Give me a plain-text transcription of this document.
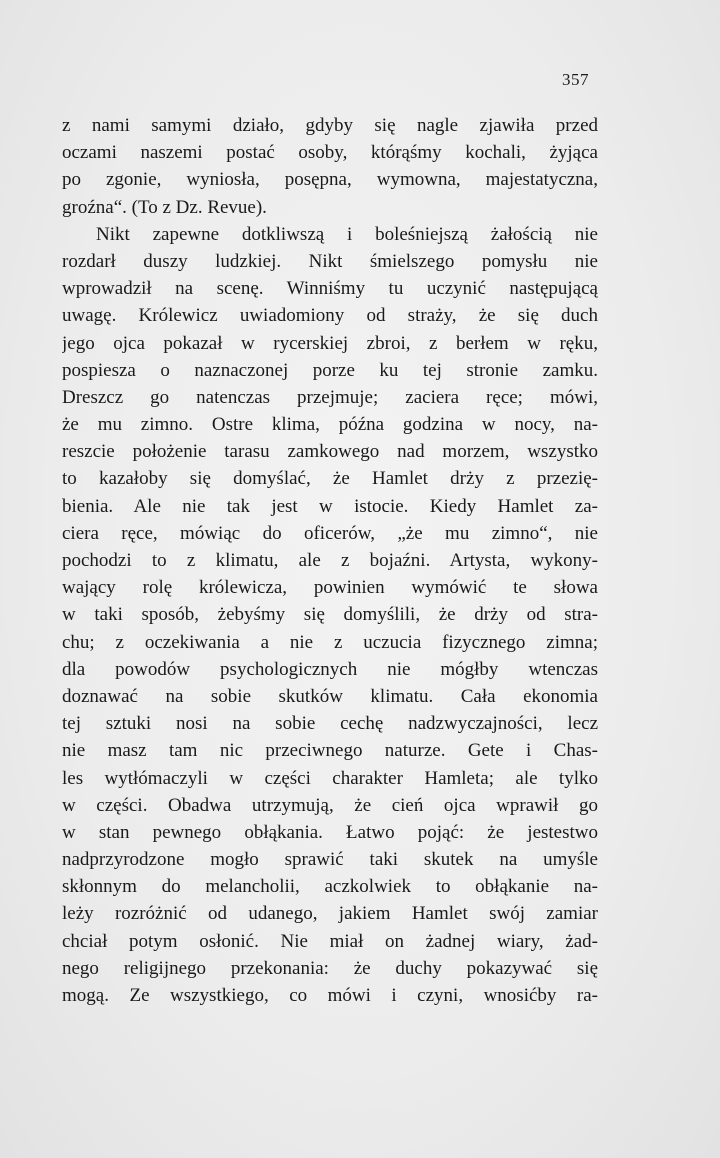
357
z nami samymi działo, gdyby się nagle zjawiła przed
oczami naszemi postać osoby, którąśmy kochali, żyjąca
po zgonie, wyniosła, posępna, wymowna, majestatyczna,
groźna“. (To z Dz. Revue).
Nikt zapewne dotkliwszą i boleśniejszą żałością nie
rozdarł duszy ludzkiej. Nikt śmielszego pomysłu nie
wprowadził na scenę. Winniśmy tu uczynić następującą
uwagę. Królewicz uwiadomiony od straży, że się duch
jego ojca pokazał w rycerskiej zbroi, z berłem w ręku,
pospiesza o naznaczonej porze ku tej stronie zamku.
Dreszcz go natenczas przejmuje; zaciera ręce; mówi,
że mu zimno. Ostre klima, późna godzina w nocy, na-
reszcie położenie tarasu zamkowego nad morzem, wszystko
to kazałoby się domyślać, że Hamlet drży z przezię-
bienia. Ale nie tak jest w istocie. Kiedy Hamlet za-
ciera ręce, mówiąc do oficerów, „że mu zimno“, nie
pochodzi to z klimatu, ale z bojaźni. Artysta, wykony-
wający rolę królewicza, powinien wymówić te słowa
w taki sposób, żebyśmy się domyślili, że drży od stra-
chu; z oczekiwania a nie z uczucia fizycznego zimna;
dla powodów psychologicznych nie mógłby wtenczas
doznawać na sobie skutków klimatu. Cała ekonomia
tej sztuki nosi na sobie cechę nadzwyczajności, lecz
nie masz tam nic przeciwnego naturze. Gete i Chas-
les wytłómaczyli w części charakter Hamleta; ale tylko
w części. Obadwa utrzymują, że cień ojca wprawił go
w stan pewnego obłąkania. Łatwo pojąć: że jestestwo
nadprzyrodzone mogło sprawić taki skutek na umyśle
skłonnym do melancholii, aczkolwiek to obłąkanie na-
leży rozróżnić od udanego, jakiem Hamlet swój zamiar
chciał potym osłonić. Nie miał on żadnej wiary, żad-
nego religijnego przekonania: że duchy pokazywać się
mogą. Ze wszystkiego, co mówi i czyni, wnosićby ra-
